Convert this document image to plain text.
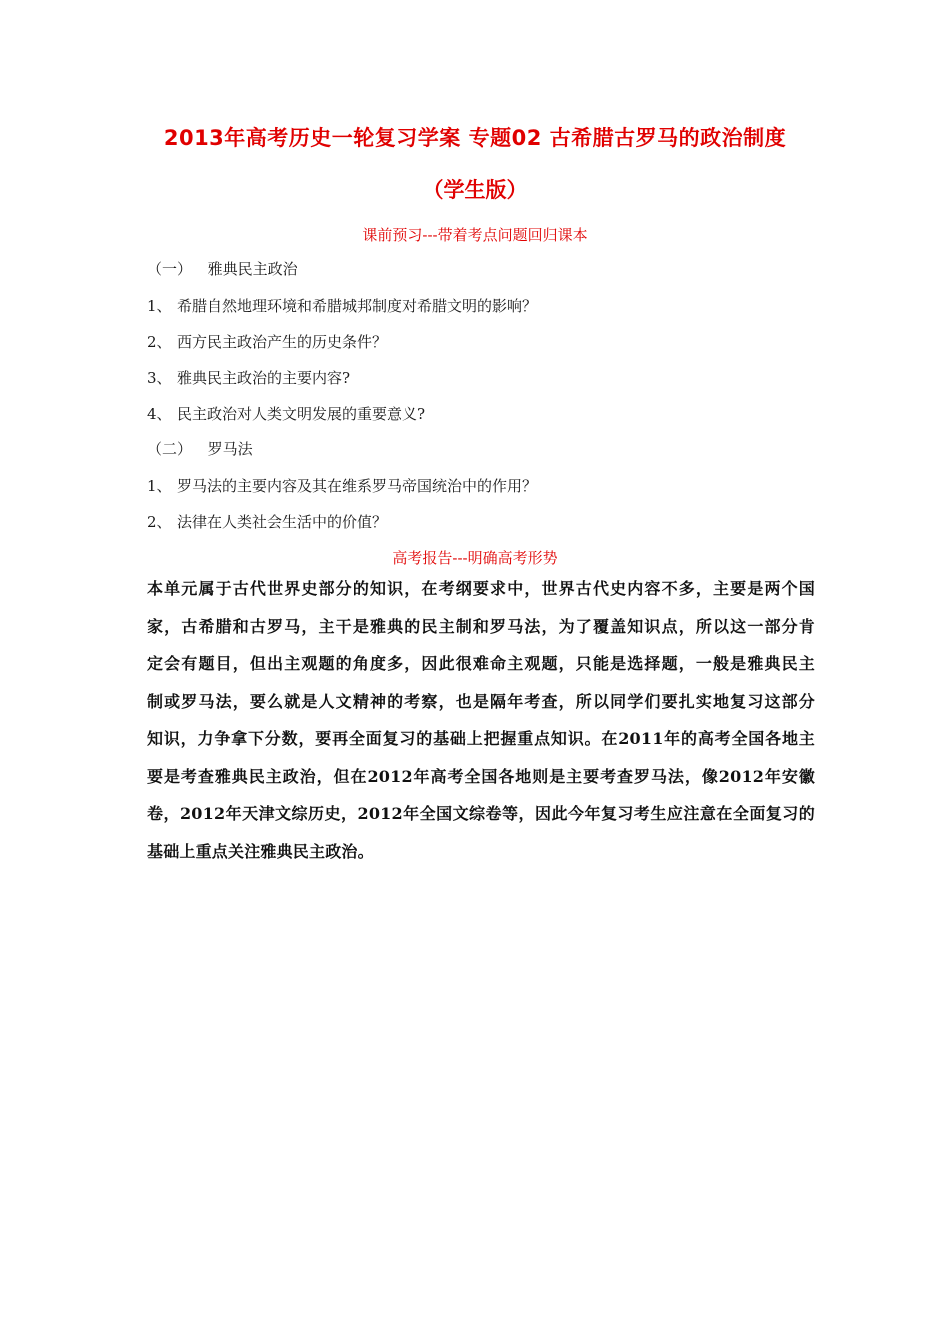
2013年高考历史一轮复习学案 专题02 古希腊古罗马的政治制度
（学生版）
课前预习---带着考点问题回归课本
（一） 雅典民主政治
1、 希腊自然地理环境和希腊城邦制度对希腊文明的影响？
2、 西方民主政治产生的历史条件？
3、 雅典民主政治的主要内容?
4、 民主政治对人类文明发展的重要意义?
（二） 罗马法
1、 罗马法的主要内容及其在维系罗马帝国统治中的作用？
2、 法律在人类社会生活中的价值？
高考报告---明确高考形势
本单元属于古代世界史部分的知识，在考纲要求中，世界古代史内容不多，主要是两个国
家，古希腊和古罗马，主干是雅典的民主制和罗马法，为了覆盖知识点，所以这一部分肯
定会有题目，但出主观题的角度多，因此很难命主观题，只能是选择题，一般是雅典民主
制或罗马法，要么就是人文精神的考察，也是隔年考查，所以同学们要扎实地复习这部分
知识，力争拿下分数，要再全面复习的基础上把握重点知识。在2011年的高考全国各地主
要是考查雅典民主政治，但在2012年高考全国各地则是主要考查罗马法，像2012年安徽
卷，2012年天津文综历史，2012年全国文综卷等，因此今年复习考生应注意在全面复习的
基础上重点关注雅典民主政治。
